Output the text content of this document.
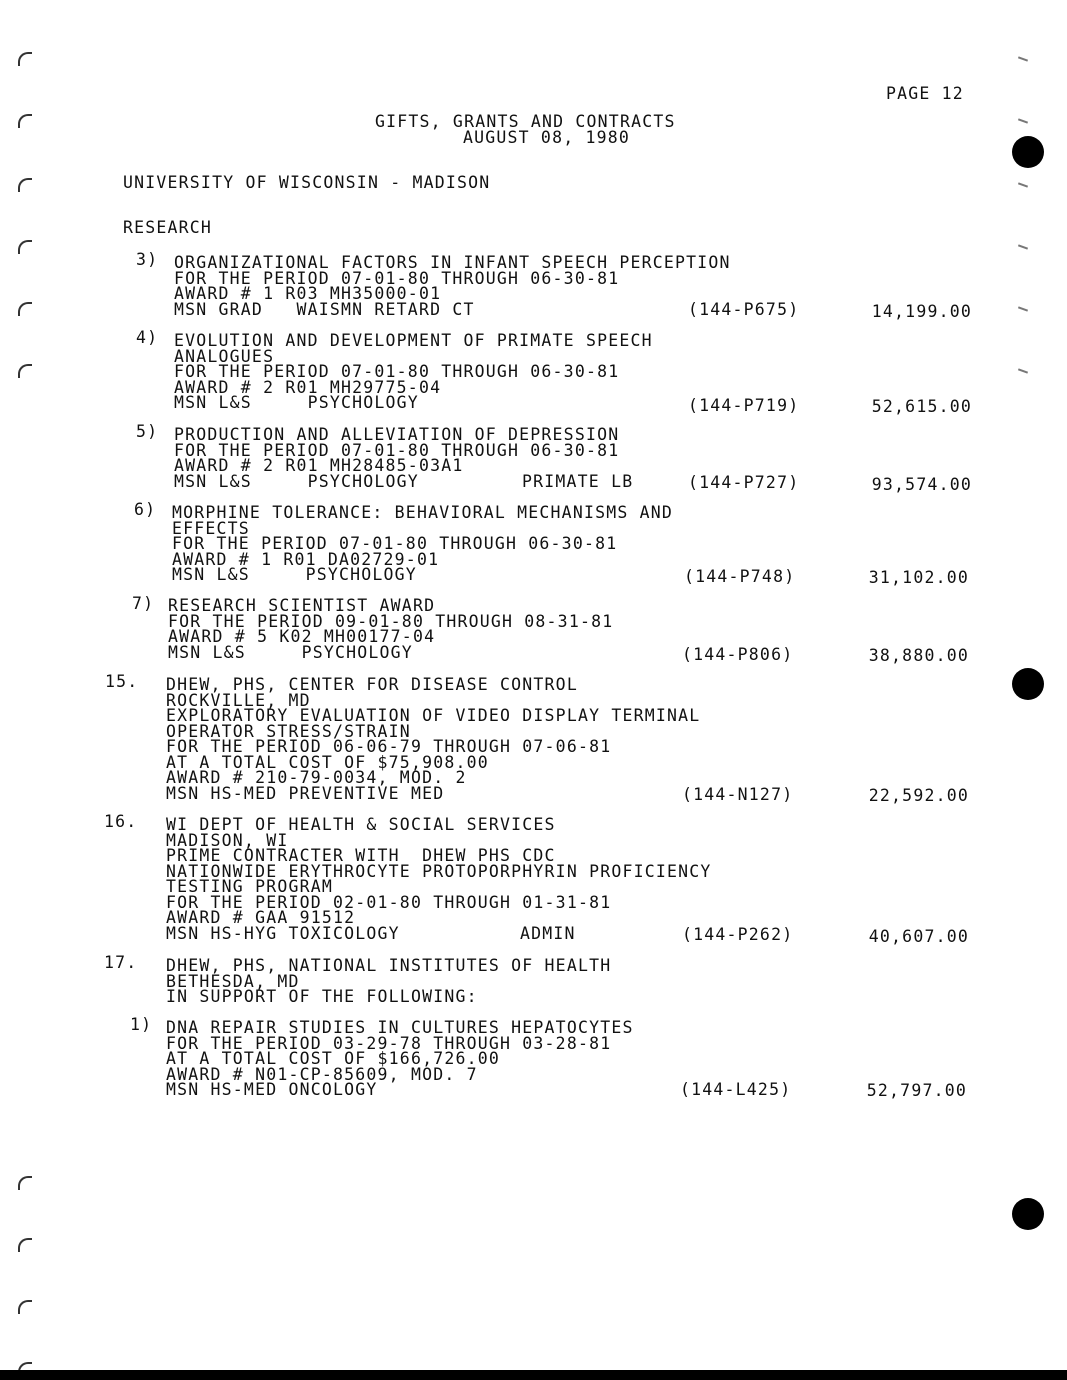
PAGE 12
GIFTS, GRANTS AND CONTRACTS
AUGUST 08, 1980
UNIVERSITY OF WISCONSIN - MADISON
RESEARCH
3) ORGANIZATIONAL FACTORS IN INFANT SPEECH PERCEPTION
FOR THE PERIOD 07-01-80 THROUGH 06-30-81
AWARD # 1 R03 MH35000-01
MSN GRAD   WAISMN RETARD CT	(144-P675)	14,199.00
4) EVOLUTION AND DEVELOPMENT OF PRIMATE SPEECH
ANALOGUES
FOR THE PERIOD 07-01-80 THROUGH 06-30-81
AWARD # 2 R01 MH29775-04
MSN L&S     PSYCHOLOGY	(144-P719)	52,615.00
5) PRODUCTION AND ALLEVIATION OF DEPRESSION
FOR THE PERIOD 07-01-80 THROUGH 06-30-81
AWARD # 2 R01 MH28485-03A1
MSN L&S     PSYCHOLOGY	PRIMATE LB	(144-P727)	93,574.00
6) MORPHINE TOLERANCE: BEHAVIORAL MECHANISMS AND
EFFECTS
FOR THE PERIOD 07-01-80 THROUGH 06-30-81
AWARD # 1 R01 DA02729-01
MSN L&S     PSYCHOLOGY	(144-P748)	31,102.00
7) RESEARCH SCIENTIST AWARD
FOR THE PERIOD 09-01-80 THROUGH 08-31-81
AWARD # 5 K02 MH00177-04
MSN L&S     PSYCHOLOGY	(144-P806)	38,880.00
15. DHEW, PHS, CENTER FOR DISEASE CONTROL
ROCKVILLE, MD
EXPLORATORY EVALUATION OF VIDEO DISPLAY TERMINAL
OPERATOR STRESS/STRAIN
FOR THE PERIOD 06-06-79 THROUGH 07-06-81
AT A TOTAL COST OF $75,908.00
AWARD # 210-79-0034, MOD. 2
MSN HS-MED PREVENTIVE MED	(144-N127)	22,592.00
16. WI DEPT OF HEALTH & SOCIAL SERVICES
MADISON, WI
PRIME CONTRACTER WITH  DHEW PHS CDC
NATIONWIDE ERYTHROCYTE PROTOPORPHYRIN PROFICIENCY
TESTING PROGRAM
FOR THE PERIOD 02-01-80 THROUGH 01-31-81
AWARD # GAA 91512
MSN HS-HYG TOXICOLOGY	ADMIN	(144-P262)	40,607.00
17. DHEW, PHS, NATIONAL INSTITUTES OF HEALTH
BETHESDA, MD
IN SUPPORT OF THE FOLLOWING:
1) DNA REPAIR STUDIES IN CULTURES HEPATOCYTES
FOR THE PERIOD 03-29-78 THROUGH 03-28-81
AT A TOTAL COST OF $166,726.00
AWARD # N01-CP-85609, MOD. 7
MSN HS-MED ONCOLOGY	(144-L425)	52,797.00
